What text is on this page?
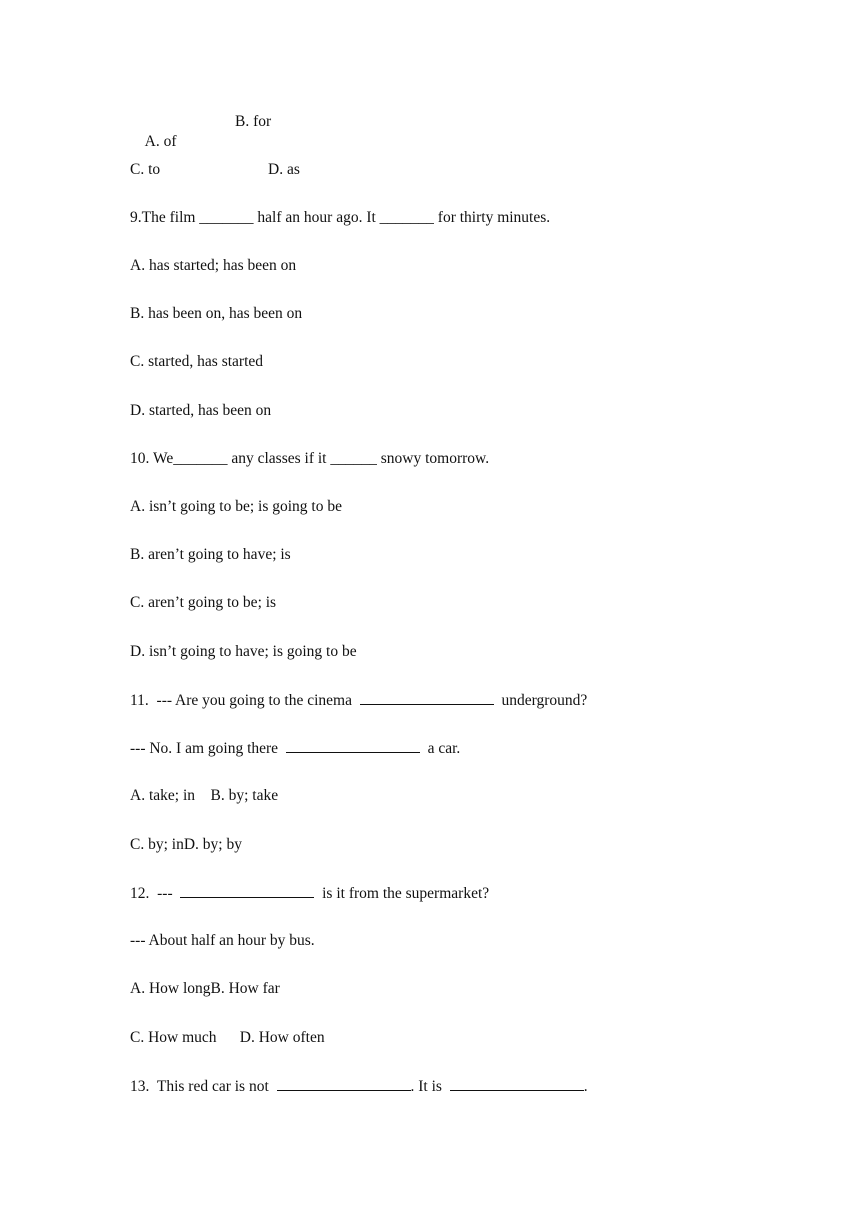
A. of

B. for
C. to	D. as
9.The film _______ half an hour ago. It _______ for thirty minutes.
A. has started; has been on
B. has been on, has been on
C. started, has started
D. started, has been on
10. We_______ any classes if it ______ snowy tomorrow.
A. isn’t going to be; is going to be
B. aren’t going to have; is
C. aren’t going to be; is
D. isn’t going to have; is going to be
11.  --- Are you going to the cinema	underground?
--- No. I am going there	a car.
A. take; in    B. by; take
C. by; inD. by; by
12.  ---	is it from the supermarket?
--- About half an hour by bus.
A. How longB. How far
C. How much      D. How often
13.  This red car is not	. It is	.
